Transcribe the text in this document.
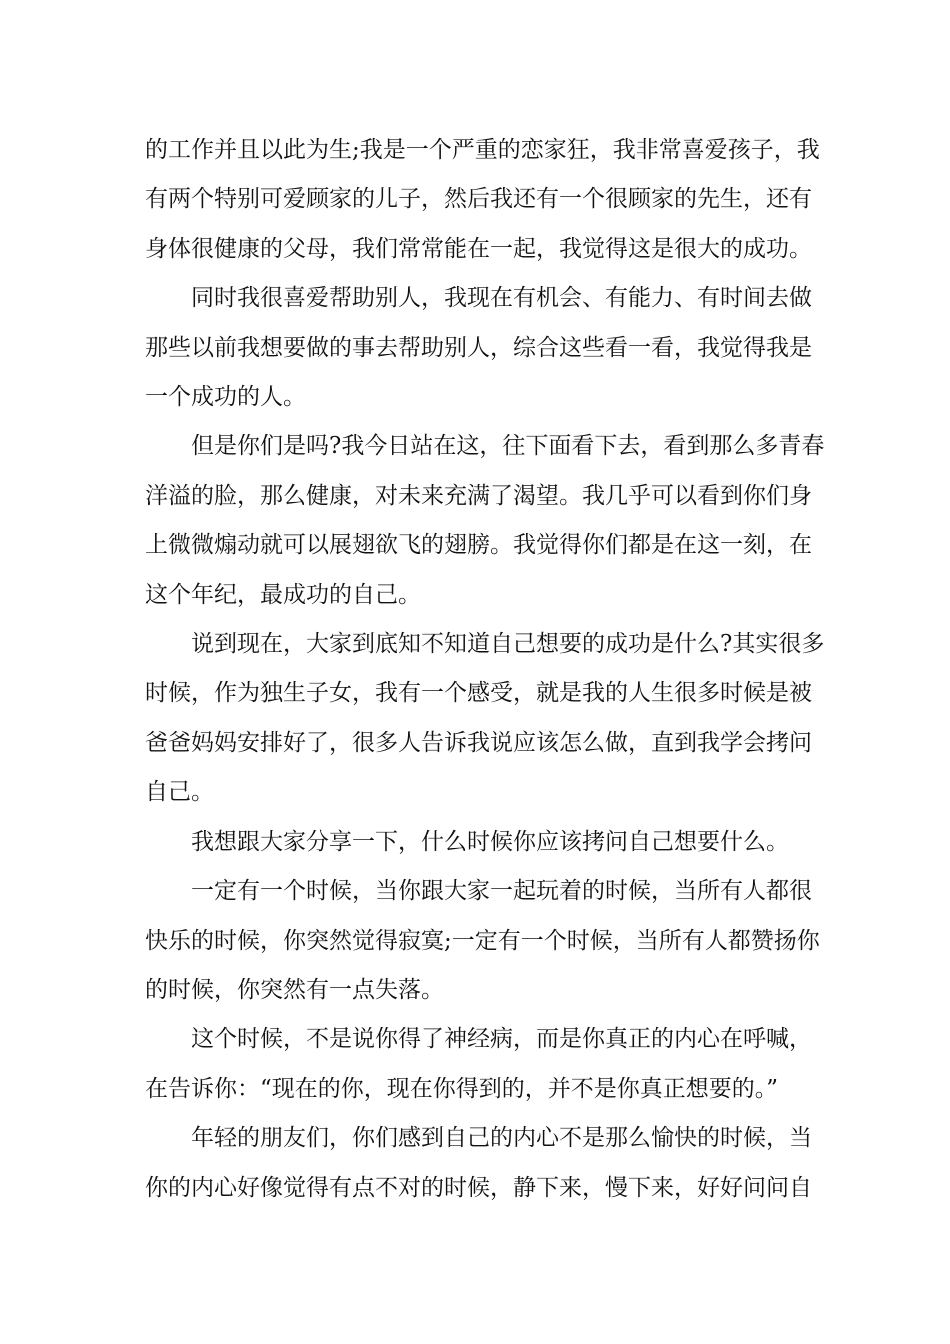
的工作并且以此为生;我是一个严重的恋家狂，我非常喜爱孩子，我
有两个特别可爱顾家的儿子，然后我还有一个很顾家的先生，还有
身体很健康的父母，我们常常能在一起，我觉得这是很大的成功。

同时我很喜爱帮助别人，我现在有机会、有能力、有时间去做
那些以前我想要做的事去帮助别人，综合这些看一看，我觉得我是
一个成功的人。

但是你们是吗?我今日站在这，往下面看下去，看到那么多青春
洋溢的脸，那么健康，对未来充满了渴望。我几乎可以看到你们身
上微微煽动就可以展翅欲飞的翅膀。我觉得你们都是在这一刻，在
这个年纪，最成功的自己。

说到现在，大家到底知不知道自己想要的成功是什么?其实很多
时候，作为独生子女，我有一个感受，就是我的人生很多时候是被
爸爸妈妈安排好了，很多人告诉我说应该怎么做，直到我学会拷问
自己。

我想跟大家分享一下，什么时候你应该拷问自己想要什么。

一定有一个时候，当你跟大家一起玩着的时候，当所有人都很
快乐的时候，你突然觉得寂寞;一定有一个时候，当所有人都赞扬你
的时候，你突然有一点失落。

这个时候，不是说你得了神经病，而是你真正的内心在呼喊，
在告诉你：“现在的你，现在你得到的，并不是你真正想要的。”

年轻的朋友们，你们感到自己的内心不是那么愉快的时候，当
你的内心好像觉得有点不对的时候，静下来，慢下来，好好问问自
